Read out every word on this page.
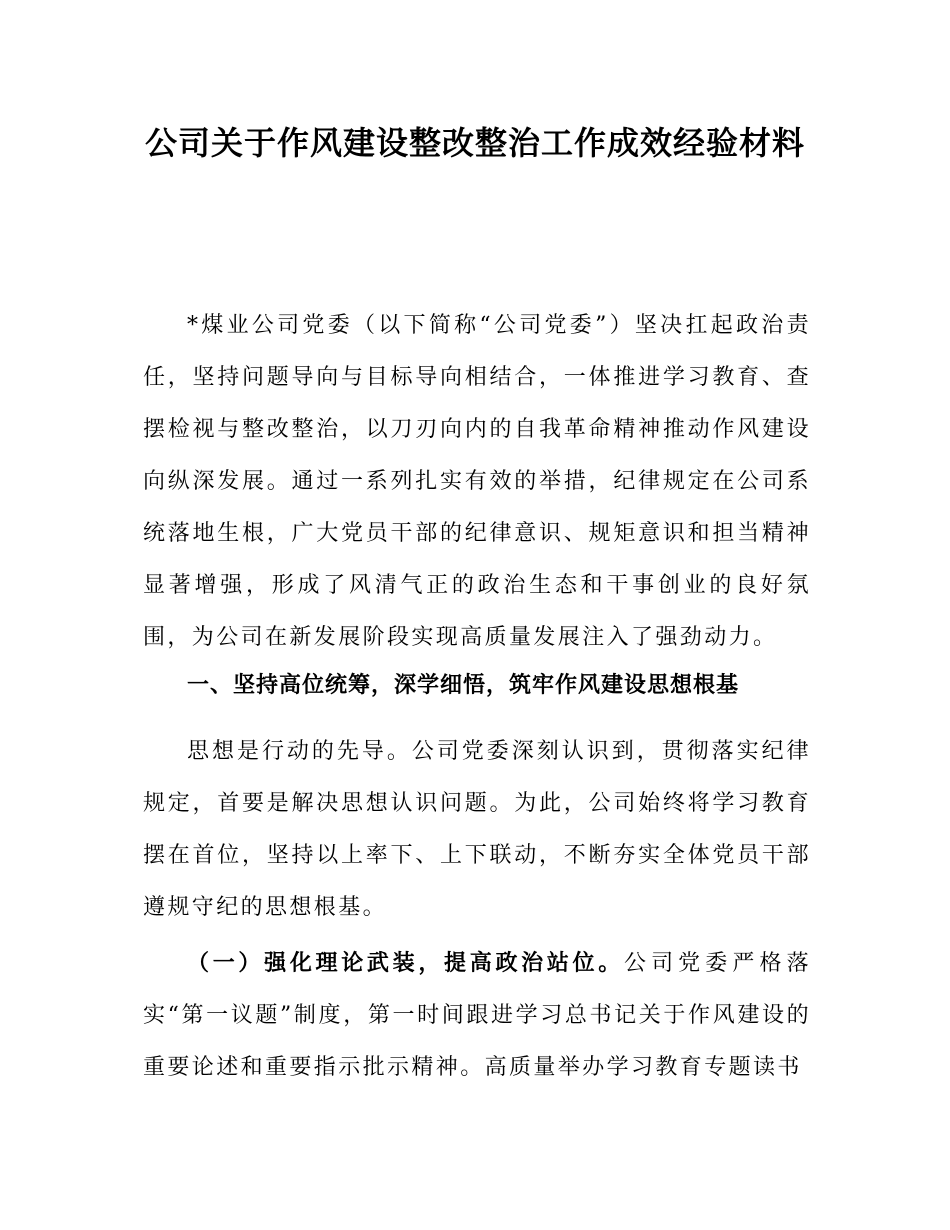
公司关于作风建设整改整治工作成效经验材料

*煤业公司党委（以下简称“公司党委”）坚决扛起政治责任，坚持问题导向与目标导向相结合，一体推进学习教育、查摆检视与整改整治，以刀刃向内的自我革命精神推动作风建设向纵深发展。通过一系列扎实有效的举措，纪律规定在公司系统落地生根，广大党员干部的纪律意识、规矩意识和担当精神显著增强，形成了风清气正的政治生态和干事创业的良好氛围，为公司在新发展阶段实现高质量发展注入了强劲动力。

一、坚持高位统筹，深学细悟，筑牢作风建设思想根基

思想是行动的先导。公司党委深刻认识到，贯彻落实纪律规定，首要是解决思想认识问题。为此，公司始终将学习教育摆在首位，坚持以上率下、上下联动，不断夯实全体党员干部遵规守纪的思想根基。

（一）强化理论武装，提高政治站位。公司党委严格落实“第一议题”制度，第一时间跟进学习总书记关于作风建设的重要论述和重要指示批示精神。高质量举办学习教育专题读书
